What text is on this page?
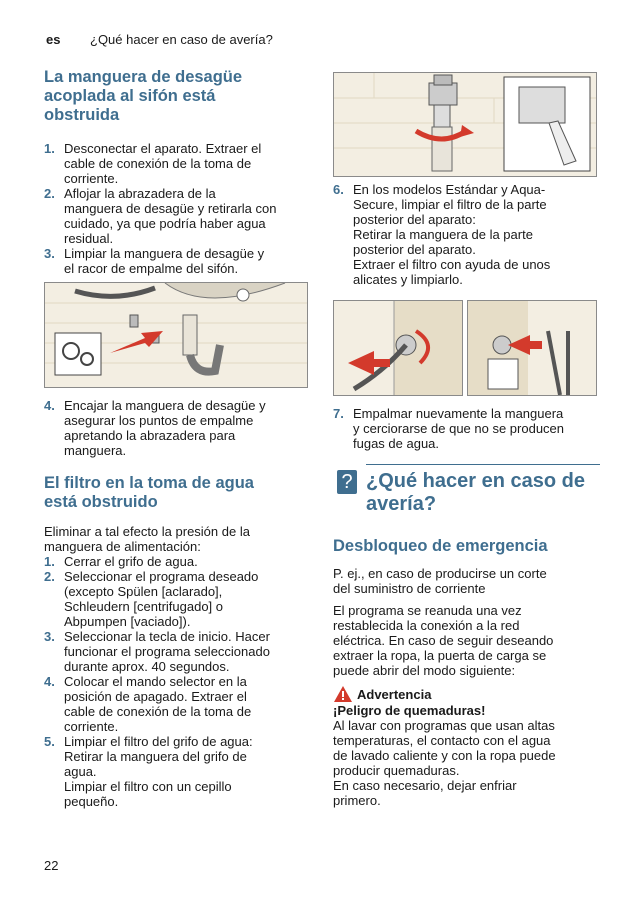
es ¿Qué hacer en caso de avería?
La manguera de desagüe
acoplada al sifón está
obstruida
1. Desconectar el aparato. Extraer el
cable de conexión de la toma de
corriente.
2. Aflojar la abrazadera de la
manguera de desagüe y retirarla con
cuidado, ya que podría haber agua
residual.
3. Limpiar la manguera de desagüe y
el racor de empalme del sifón.
4. Encajar la manguera de desagüe y
asegurar los puntos de empalme
apretando la abrazadera para
manguera.
El filtro en la toma de agua
está obstruido
Eliminar a tal efecto la presión de la
manguera de alimentación:
1. Cerrar el grifo de agua.
2. Seleccionar el programa deseado
(excepto Spülen [aclarado],
Schleudern [centrifugado] o
Abpumpen [vaciado]).
3. Seleccionar la tecla de inicio. Hacer
funcionar el programa seleccionado
durante aprox. 40 segundos.
4. Colocar el mando selector en la
posición de apagado. Extraer el
cable de conexión de la toma de
corriente.
5. Limpiar el filtro del grifo de agua:
Retirar la manguera del grifo de
agua.
Limpiar el filtro con un cepillo
pequeño.
6. En los modelos Estándar y Aqua-
Secure, limpiar el filtro de la parte
posterior del aparato:
Retirar la manguera de la parte
posterior del aparato.
Extraer el filtro con ayuda de unos
alicates y limpiarlo.
7. Empalmar nuevamente la manguera
y cerciorarse de que no se producen
fugas de agua.
? ¿Qué hacer en caso de
avería?
Desbloqueo de emergencia

P. ej., en caso de producirse un corte
del suministro de corriente

El programa se reanuda una vez
restablecida la conexión a la red
eléctrica. En caso de seguir deseando
extraer la ropa, la puerta de carga se
puede abrir del modo siguiente:

Advertencia
¡Peligro de quemaduras!
Al lavar con programas que usan altas
temperaturas, el contacto con el agua
de lavado caliente y con la ropa puede
producir quemaduras.
En caso necesario, dejar enfriar
primero.
22
